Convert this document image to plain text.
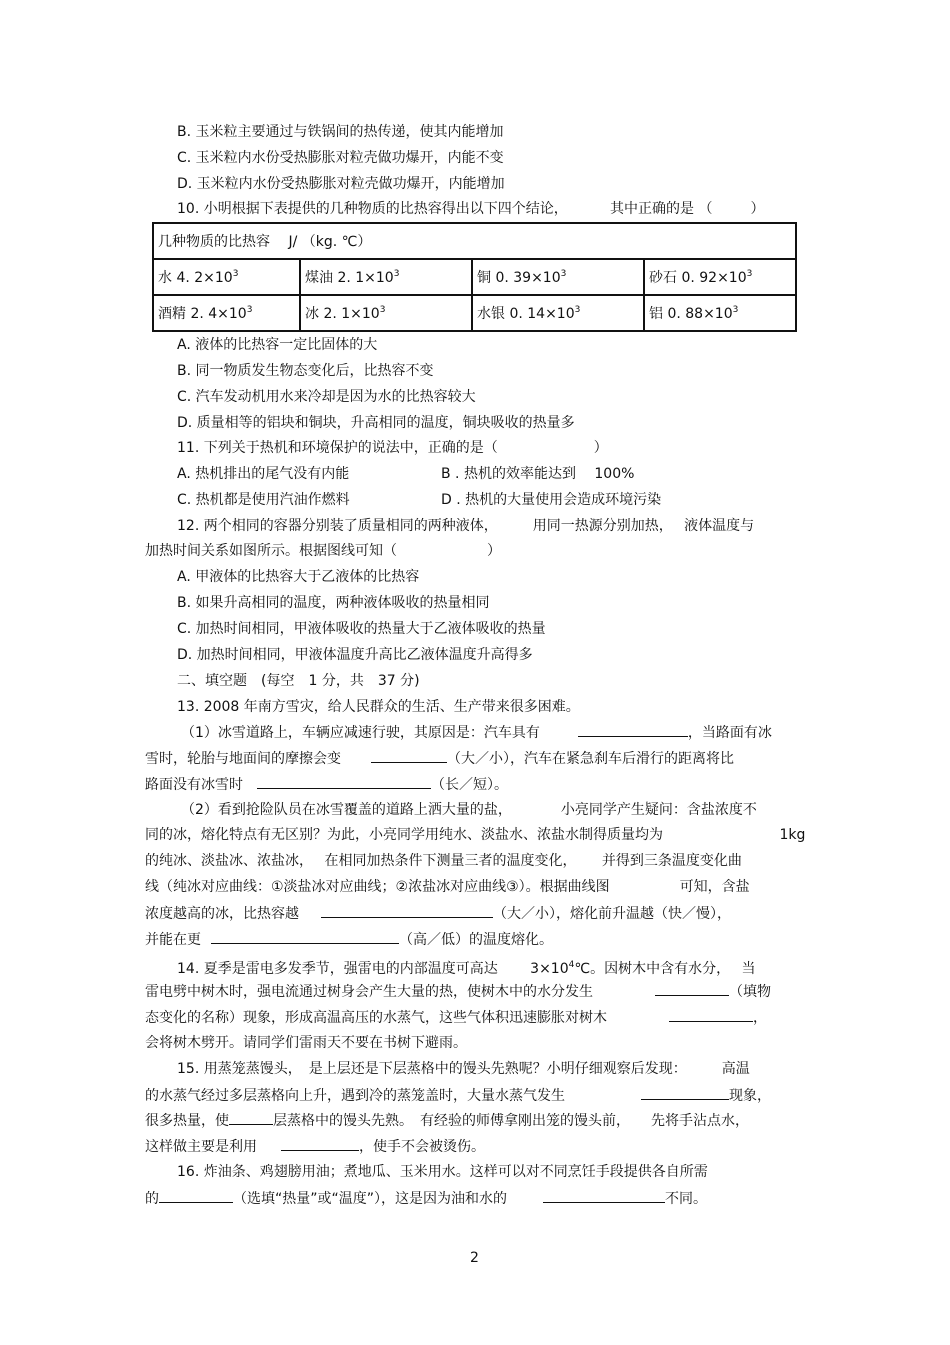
B. 玉米粒主要通过与铁锅间的热传递，使其内能增加
C. 玉米粒内水份受热膨胀对粒壳做功爆开，内能不变
D. 玉米粒内水份受热膨胀对粒壳做功爆开，内能增加
10. 小明根据下表提供的几种物质的比热容得出以下四个结论，	其中正确的是 （	）
几种物质的比热容　 J/ （kg. ℃）			
水 4. $2\times 10^3$	煤油 2. $1\times 10^3$	铜 0. $39\times 10^3$	砂石 0. $92\times 10^3$
酒精 2. $4\times 10^3$	冰 2. $1\times 10^3$	水银 0. $14\times 10^3$	铝 0. $88\times 10^3$
A. 液体的比热容一定比固体的大
B. 同一物质发生物态变化后，比热容不变
C. 汽车发动机用水来冷却是因为水的比热容较大
D. 质量相等的铝块和铜块，升高相同的温度，铜块吸收的热量多
11. 下列关于热机和环境保护的说法中，正确的是（	）
A. 热机排出的尾气没有内能	B . 热机的效率能达到　 100%
C. 热机都是使用汽油作燃料	D . 热机的大量使用会造成环境污染
12. 两个相同的容器分别装了质量相同的两种液体，　　　用同一热源分别加热，　 液体温度与
加热时间关系如图所示。根据图线可知（	）
A. 甲液体的比热容大于乙液体的比热容
B. 如果升高相同的温度，两种液体吸收的热量相同
C. 加热时间相同，甲液体吸收的热量大于乙液体吸收的热量
D. 加热时间相同，甲液体温度升高比乙液体温度升高得多
二、填空题　(每空　1 分，共　37 分)
13. 2008 年南方雪灾，给人民群众的生活、生产带来很多困难。
（1）冰雪道路上，车辆应减速行驶，其原因是：汽车具有	，当路面有冰
雪时，轮胎与地面间的摩擦会变	（大／小），汽车在紧急刹车后滑行的距离将比
路面没有冰雪时	（长／短）。
（2）看到抢险队员在冰雪覆盖的道路上洒大量的盐，　　　　小亮同学产生疑问：含盐浓度不
同的冰，熔化特点有无区别？为此，小亮同学用纯水、淡盐水、浓盐水制得质量均为　　　　　　　　 1kg
的纯冰、淡盐冰、浓盐冰，　 在相同加热条件下测量三者的温度变化，　　 并得到三条温度变化曲
线（纯冰对应曲线：①淡盐冰对应曲线；②浓盐冰对应曲线③）。根据曲线图　　　　　可知，含盐
浓度越高的冰，比热容越	（大／小），熔化前升温越（快／慢），
并能在更	（高／低）的温度熔化。
14. 夏季是雷电多发季节，强雷电的内部温度可高达　　 $3\times 10^4℃$。因树木中含有水分，　 当
雷电劈中树木时，强电流通过树身会产生大量的热，使树木中的水分发生	（填物
态变化的名称）现象，形成高温高压的水蒸气，这些气体积迅速膨胀对树木	，
会将树木劈开。请同学们雷雨天不要在书树下避雨。
15. 用蒸笼蒸馒头，　是上层还是下层蒸格中的馒头先熟呢？小明仔细观察后发现：　　　高温
的水蒸气经过多层蒸格向上升，遇到冷的蒸笼盖时，大量水蒸气发生	现象，
很多热量，使	层蒸格中的馒头先熟。　有经验的师傅拿刚出笼的馒头前，　　先将手沾点水，
这样做主要是利用	，使手不会被烫伤。
16. 炸油条、鸡翅膀用油；煮地瓜、玉米用水。这样可以对不同烹饪手段提供各自所需
的	（选填“热量”或“温度”），这是因为油和水的	不同。
2
